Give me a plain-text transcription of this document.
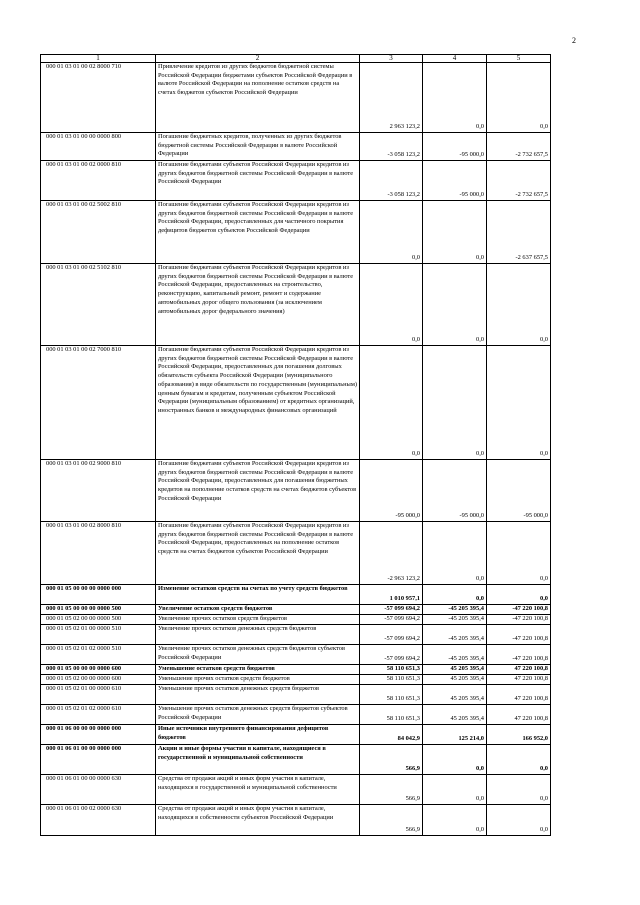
2
1	2	3	4	5
000 01 03 01 00 02 8000 710	Привлечение кредитов из других бюджетов бюджетной системы Российской Федерации бюджетами субъектов Российской Федерации в валюте Российской Федерации на пополнение остатков средств на счетах бюджетов субъектов Российской Федерации	2 963 123,2	0,0	0,0
000 01 03 01 00 00 0000 800	Погашение бюджетных кредитов, полученных из других бюджетов бюджетной системы Российской Федерации в валюте Российской Федерации	-3 058 123,2	-95 000,0	-2 732 657,5
000 01 03 01 00 02 0000 810	Погашение бюджетами субъектов Российской Федерации кредитов из других бюджетов бюджетной системы Российской Федерации в валюте Российской Федерации	-3 058 123,2	-95 000,0	-2 732 657,5
000 01 03 01 00 02 5002 810	Погашение бюджетами субъектов Российской Федерации кредитов из других бюджетов бюджетной системы Российской Федерации в валюте Российской Федерации, предоставленных для частичного покрытия дефицитов бюджетов субъектов Российской Федерации	0,0	0,0	-2 637 657,5
000 01 03 01 00 02 5102 810	Погашение бюджетами субъектов Российской Федерации кредитов из других бюджетов бюджетной системы Российской Федерации в валюте Российской Федерации, предоставленных на строительство, реконструкцию, капитальный ремонт, ремонт и содержание автомобильных дорог общего пользования (за исключением автомобильных дорог федерального значения)	0,0	0,0	0,0
000 01 03 01 00 02 7000 810	Погашение бюджетами субъектов Российской Федерации кредитов из других бюджетов бюджетной системы Российской Федерации в валюте Российской Федерации, предоставленных для погашения долговых обязательств субъекта Российской Федерации (муниципального образования) в виде обязательств по государственным (муниципальным) ценным бумагам и кредитам, полученным субъектом Российской Федерации (муниципальным образованием) от кредитных организаций, иностранных банков и международных финансовых организаций	0,0	0,0	0,0
000 01 03 01 00 02 9000 810	Погашение бюджетами субъектов Российской Федерации кредитов из других бюджетов бюджетной системы Российской Федерации в валюте Российской Федерации, предоставленных для погашения бюджетных кредитов на пополнение остатков средств на счетах бюджетов субъектов Российской Федерации	-95 000,0	-95 000,0	-95 000,0
000 01 03 01 00 02 8000 810	Погашение бюджетами субъектов Российской Федерации кредитов из других бюджетов бюджетной системы Российской Федерации в валюте Российской Федерации, предоставленных на пополнение остатков средств на счетах бюджетов субъектов Российской Федерации	-2 963 123,2	0,0	0,0
000 01 05 00 00 00 0000 000	Изменение остатков средств на счетах по учету средств бюджетов	1 010 957,1	0,0	0,0
000 01 05 00 00 00 0000 500	Увеличение остатков средств бюджетов	-57 099 694,2	-45 205 395,4	-47 220 100,8
000 01 05 02 00 00 0000 500	Увеличение прочих остатков средств бюджетов	-57 099 694,2	-45 205 395,4	-47 220 100,8
000 01 05 02 01 00 0000 510	Увеличение прочих остатков денежных средств бюджетов	-57 099 694,2	-45 205 395,4	-47 220 100,8
000 01 05 02 01 02 0000 510	Увеличение прочих остатков денежных средств бюджетов субъектов Российской Федерации	-57 099 694,2	-45 205 395,4	-47 220 100,8
000 01 05 00 00 00 0000 600	Уменьшение остатков средств бюджетов	58 110 651,3	45 205 395,4	47 220 100,8
000 01 05 02 00 00 0000 600	Уменьшение прочих остатков средств бюджетов	58 110 651,3	45 205 395,4	47 220 100,8
000 01 05 02 01 00 0000 610	Уменьшение прочих остатков денежных средств бюджетов	58 110 651,3	45 205 395,4	47 220 100,8
000 01 05 02 01 02 0000 610	Уменьшение прочих остатков денежных средств бюджетов субъектов Российской Федерации	58 110 651,3	45 205 395,4	47 220 100,8
000 01 06 00 00 00 0000 000	Иные источники внутреннего финансирования дефицитов бюджетов	84 042,9	125 214,0	166 952,0
000 01 06 01 00 00 0000 000	Акции и иные формы участия в капитале, находящиеся в государственной и муниципальной собственности	566,9	0,0	0,0
000 01 06 01 00 00 0000 630	Средства от продажи акций и иных форм участия в капитале, находящихся в государственной и муниципальной собственности	566,9	0,0	0,0
000 01 06 01 00 02 0000 630	Средства от продажи акций и иных форм участия в капитале, находящихся в собственности субъектов Российской Федерации	566,9	0,0	0,0
